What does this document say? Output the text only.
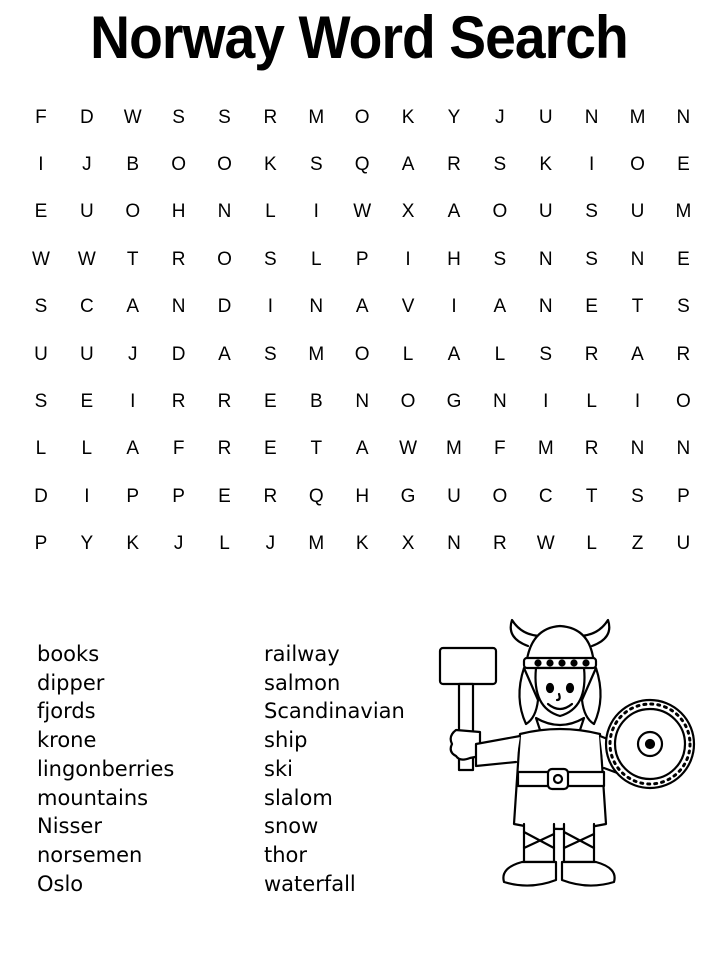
Norway Word Search
F	D	W	S	S	R	M	O	K	Y	J	U	N	M	N
I	J	B	O	O	K	S	Q	A	R	S	K	I	O	E
E	U	O	H	N	L	I	W	X	A	O	U	S	U	M
W	W	T	R	O	S	L	P	I	H	S	N	S	N	E
S	C	A	N	D	I	N	A	V	I	A	N	E	T	S
U	U	J	D	A	S	M	O	L	A	L	S	R	A	R
S	E	I	R	R	E	B	N	O	G	N	I	L	I	O
L	L	A	F	R	E	T	A	W	M	F	M	R	N	N
D	I	P	P	E	R	Q	H	G	U	O	C	T	S	P
P	Y	K	J	L	J	M	K	X	N	R	W	L	Z	U
books
dipper
fjords
krone
lingonberries
mountains
Nisser
norsemen
Oslo
railway
salmon
Scandinavian
ship
ski
slalom
snow
thor
waterfall
